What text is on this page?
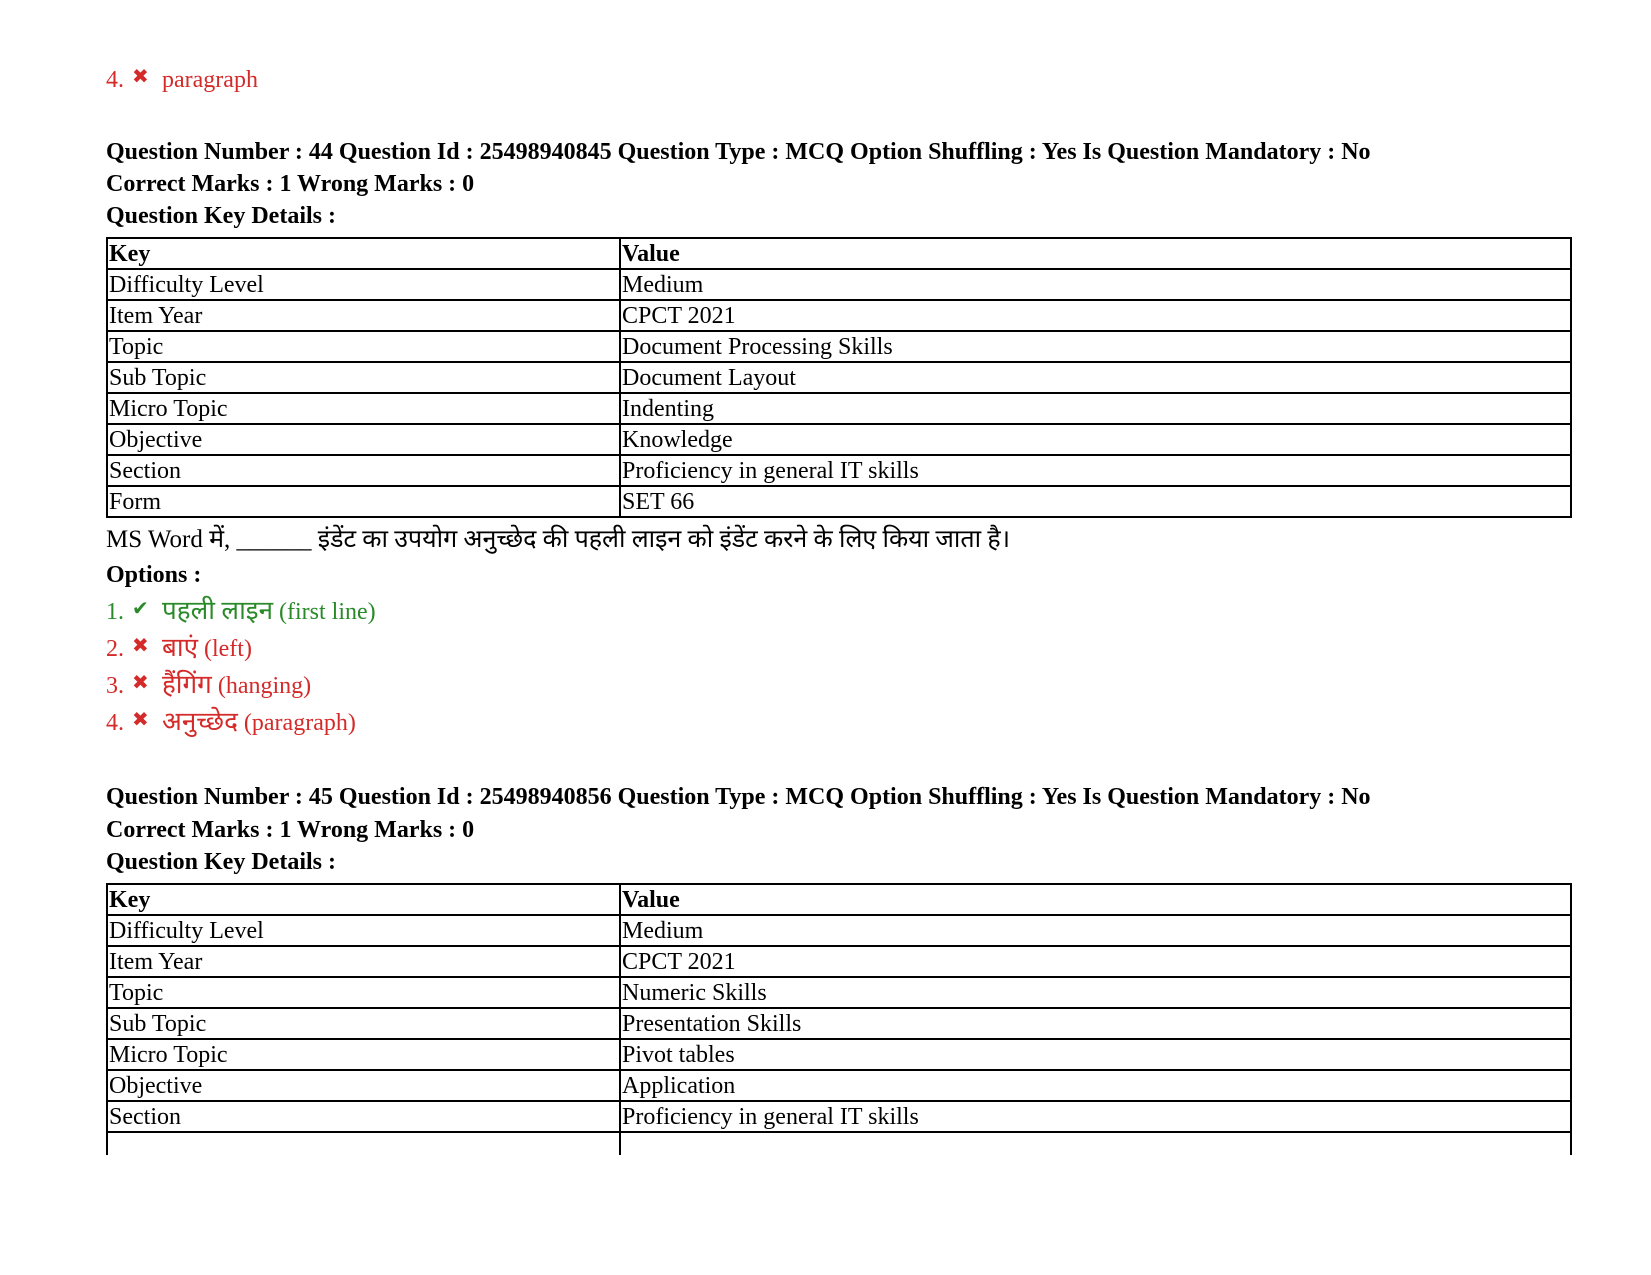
4. ✖ paragraph
Question Number : 44 Question Id : 25498940845 Question Type : MCQ Option Shuffling : Yes Is Question Mandatory : No
Correct Marks : 1 Wrong Marks : 0
Question Key Details :
Key	Value
Difficulty Level	Medium
Item Year	CPCT 2021
Topic	Document Processing Skills
Sub Topic	Document Layout
Micro Topic	Indenting
Objective	Knowledge
Section	Proficiency in general IT skills
Form	SET 66
MS Word में, ______ इंडेंट का उपयोग अनुच्छेद की पहली लाइन को इंडेंट करने के लिए किया जाता है।
Options :
1. ✔ पहली लाइन (first line)
2. ✖ बाएं (left)
3. ✖ हैंगिंग (hanging)
4. ✖ अनुच्छेद (paragraph)
Question Number : 45 Question Id : 25498940856 Question Type : MCQ Option Shuffling : Yes Is Question Mandatory : No
Correct Marks : 1 Wrong Marks : 0
Question Key Details :
Key	Value
Difficulty Level	Medium
Item Year	CPCT 2021
Topic	Numeric Skills
Sub Topic	Presentation Skills
Micro Topic	Pivot tables
Objective	Application
Section	Proficiency in general IT skills
